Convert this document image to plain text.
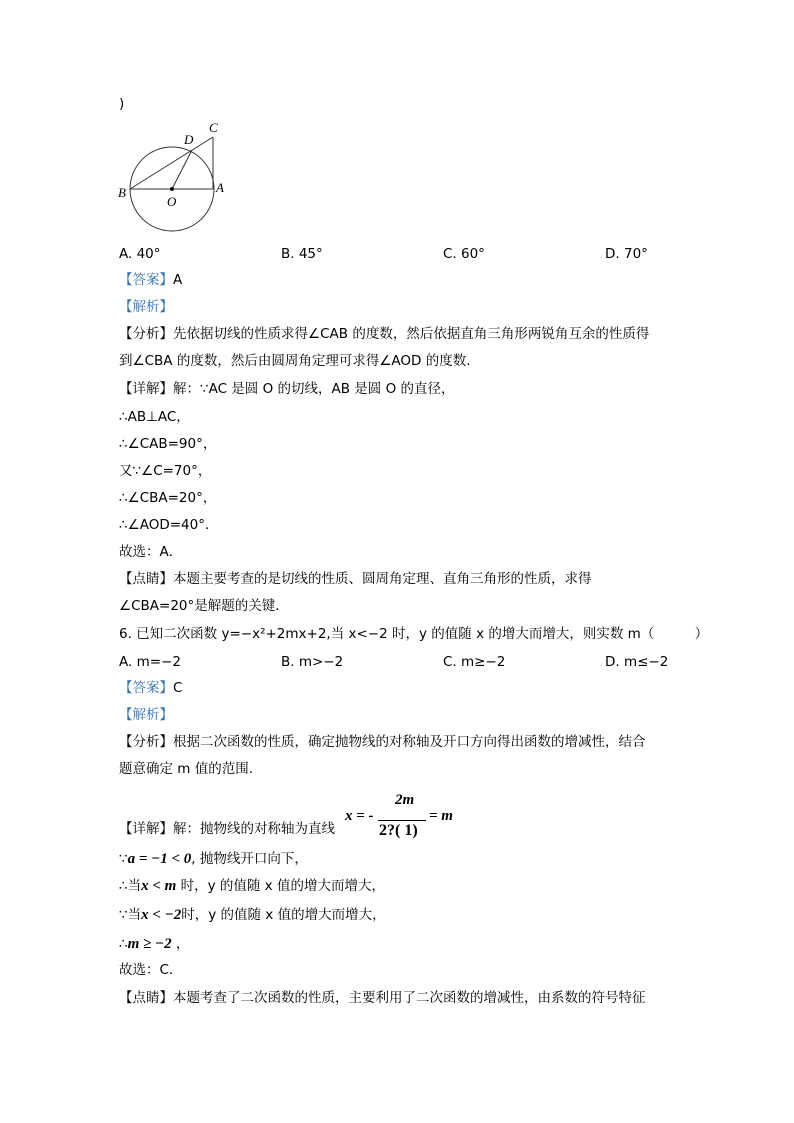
)
C
D
B	A
O
A. 40°	B. 45°	C. 60°	D. 70°
【答案】A
【解析】
【分析】先依据切线的性质求得∠CAB 的度数，然后依据直角三角形两锐角互余的性质得
到∠CBA 的度数，然后由圆周角定理可求得∠AOD 的度数.
【详解】解：∵AC 是圆 O 的切线，AB 是圆 O 的直径，
∴AB⊥AC，
∴∠CAB=90°，
又∵∠C=70°，
∴∠CBA=20°，
∴∠AOD=40°．
故选：A．
【点睛】本题主要考查的是切线的性质、圆周角定理、直角三角形的性质，求得
∠CBA=20°是解题的关键．
6. 已知二次函数 y=−x²+2mx+2,当 x<−2 时，y 的值随 x 的增大而增大，则实数 m（　　　）
A. m=−2	B. m>−2	C. m≥−2	D. m≤−2
【答案】C
【解析】
【分析】根据二次函数的性质，确定抛物线的对称轴及开口方向得出函数的增减性，结合
题意确定 m 值的范围.
【详解】解：抛物线的对称轴为直线
x = -
2m
2?( 1)
= m
∵a = −1 < 0, 抛物线开口向下，
∴当x < m 时，y 的值随 x 值的增大而增大，
∵当x < −2时，y 的值随 x 值的增大而增大，
∴m ≥ −2 ，
故选：C．
【点睛】本题考查了二次函数的性质，主要利用了二次函数的增减性，由系数的符号特征
